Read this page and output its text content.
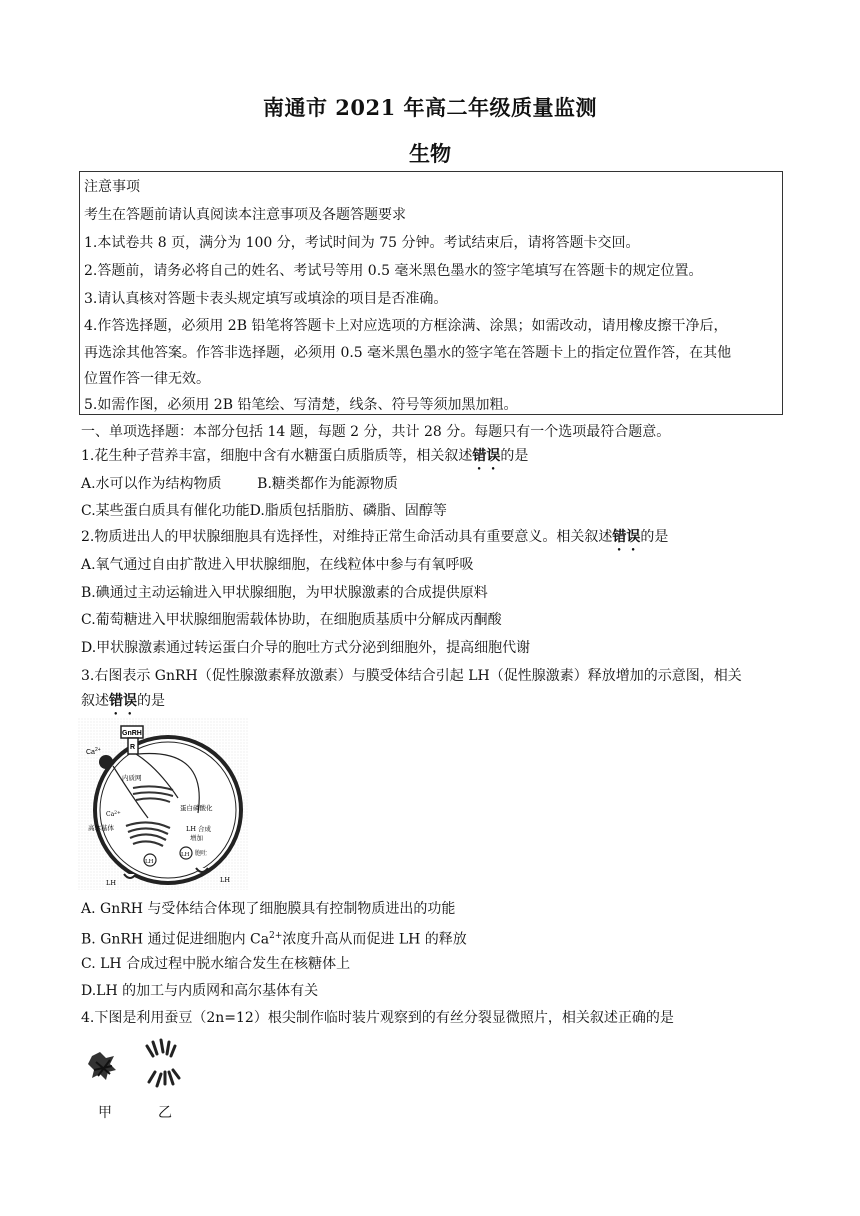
南通市 2021 年高二年级质量监测
生物
注意事项
考生在答题前请认真阅读本注意事项及各题答题要求
1.本试卷共 8 页，满分为 100 分，考试时间为 75 分钟。考试结束后，请将答题卡交回。
2.答题前，请务必将自己的姓名、考试号等用 0.5 毫米黑色墨水的签字笔填写在答题卡的规定位置。
3.请认真核对答题卡表头规定填写或填涂的项目是否准确。
4.作答选择题，必须用 2B 铅笔将答题卡上对应选项的方框涂满、涂黑；如需改动，请用橡皮擦干净后，
再选涂其他答案。作答非选择题，必须用 0.5 毫米黑色墨水的签字笔在答题卡上的指定位置作答，在其他
位置作答一律无效。
5.如需作图，必须用 2B 铅笔绘、写清楚，线条、符号等须加黑加粗。
一、单项选择题：本部分包括 14 题，每题 2 分，共计 28 分。每题只有一个选项最符合题意。
1.花生种子营养丰富，细胞中含有水糖蛋白质脂质等，相关叙述错误的是
A.水可以作为结构物质        B.糖类都作为能源物质
C.某些蛋白质具有催化功能D.脂质包括脂肪、磷脂、固醇等
2.物质进出人的甲状腺细胞具有选择性，对维持正常生命活动具有重要意义。相关叙述错误的是
A.氧气通过自由扩散进入甲状腺细胞，在线粒体中参与有氧呼吸
B.碘通过主动运输进入甲状腺细胞，为甲状腺激素的合成提供原料
C.葡萄糖进入甲状腺细胞需载体协助，在细胞质基质中分解成丙酮酸
D.甲状腺激素通过转运蛋白介导的胞吐方式分泌到细胞外，提高细胞代谢
3.右图表示 GnRH（促性腺激素释放激素）与膜受体结合引起 LH（促性腺激素）释放增加的示意图，相关
叙述错误的是
GnRH
R
$Ca^{2+}$
内质网
高尔基体
$Ca^{2+}$
蛋白磷酸化
LH 合成
增加
LH
LH 胞吐
LH	LH
A. GnRH 与受体结合体现了细胞膜具有控制物质进出的功能
B. GnRH 通过促进细胞内 $Ca^{2+}$浓度升高从而促进 LH 的释放
C. LH 合成过程中脱水缩合发生在核糖体上
D.LH 的加工与内质网和高尔基体有关
4.下图是利用蚕豆（2n=12）根尖制作临时装片观察到的有丝分裂显微照片，相关叙述正确的是
甲	乙
